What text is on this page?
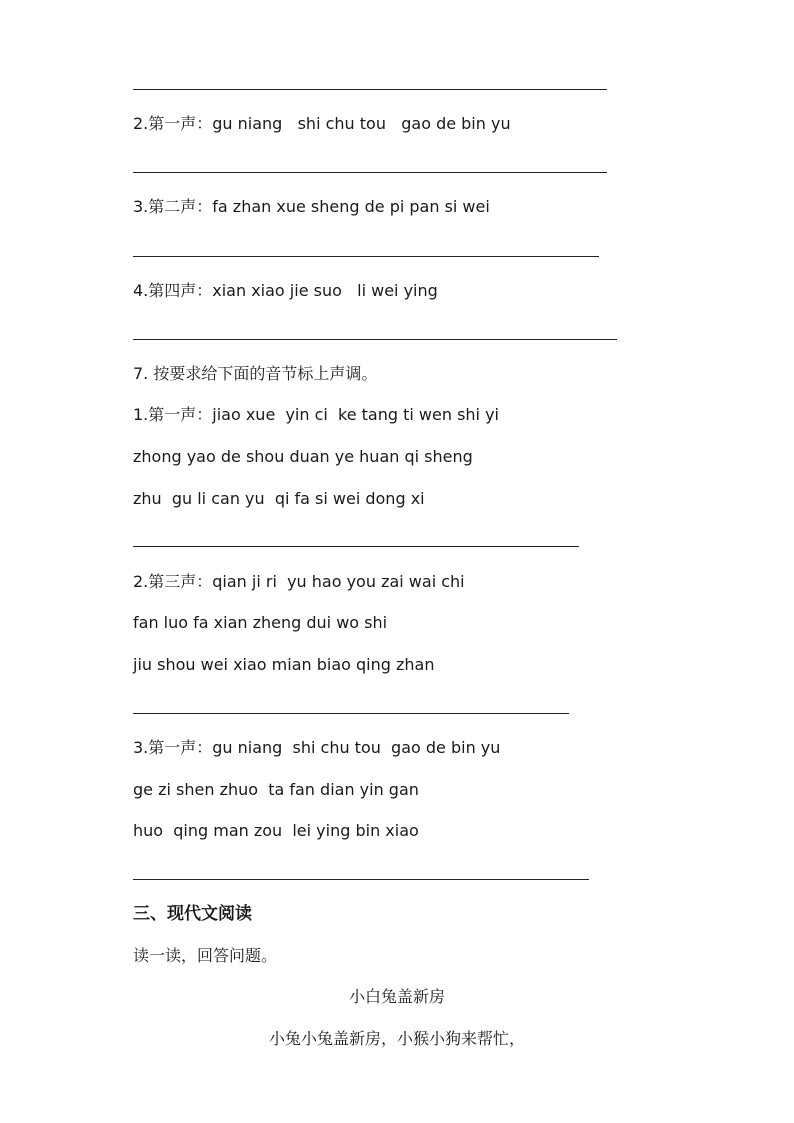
2.第一声：gu niang   shi chu tou   gao de bin yu
3.第二声：fa zhan xue sheng de pi pan si wei
4.第四声：xian xiao jie suo   li wei ying
7. 按要求给下面的音节标上声调。
1.第一声：jiao xue  yin ci  ke tang ti wen shi yi
zhong yao de shou duan ye huan qi sheng
zhu  gu li can yu  qi fa si wei dong xi
2.第三声：qian ji ri  yu hao you zai wai chi
fan luo fa xian zheng dui wo shi
jiu shou wei xiao mian biao qing zhan
3.第一声：gu niang  shi chu tou  gao de bin yu
ge zi shen zhuo  ta fan dian yin gan
huo  qing man zou  lei ying bin xiao
三、现代文阅读
读一读，回答问题。
小白兔盖新房
小兔小兔盖新房，小猴小狗来帮忙，
